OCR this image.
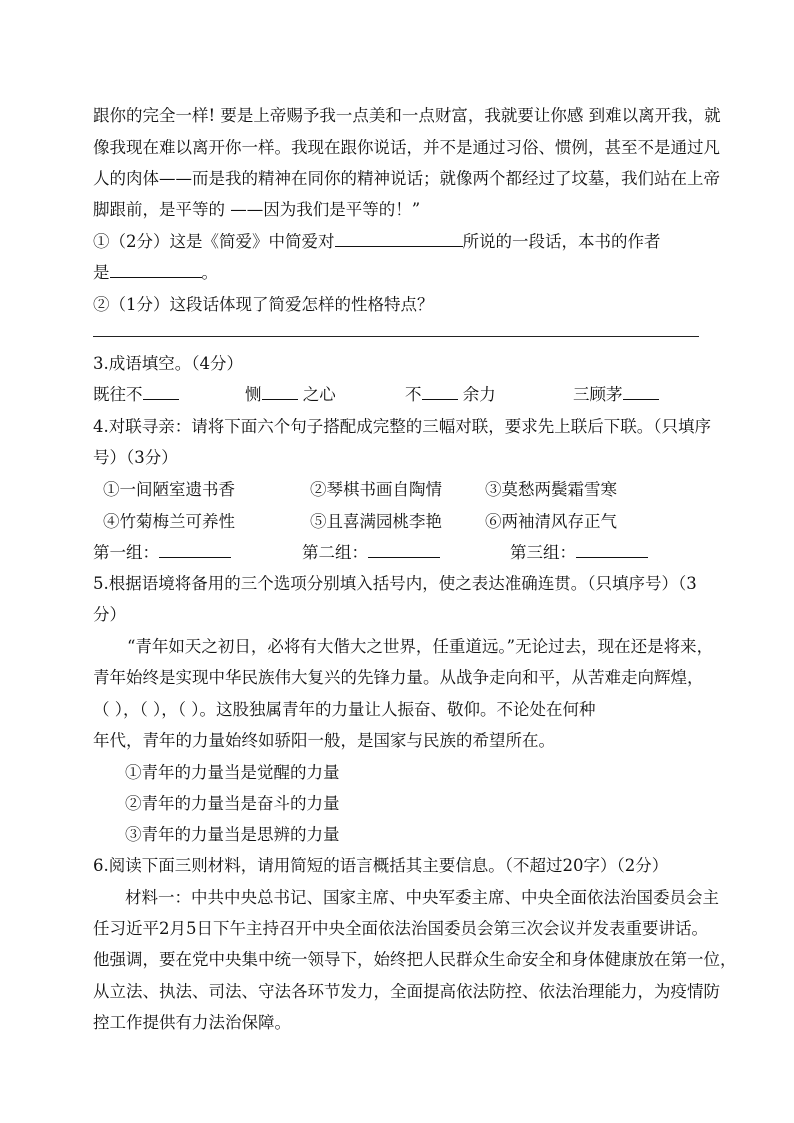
跟你的完全一样! 要是上帝赐予我一点美和一点财富，我就要让你感 到难以离开我，就
像我现在难以离开你一样。我现在跟你说话，并不是通过习俗、惯例，甚至不是通过凡
人的肉体——而是我的精神在同你的精神说话；就像两个都经过了坟墓，我们站在上帝
脚跟前，是平等的 ——因为我们是平等的！”
①（2分）这是《简爱》中简爱对	所说的一段话，本书的作者
是	。
②（1分）这段话体现了简爱怎样的性格特点？
3.成语填空。（4分）
既往不	恻 之心	不 余力	三顾茅
4.对联寻亲：请将下面六个句子搭配成完整的三幅对联，要求先上联后下联。（只填序
号）（3分）
①一间陋室遗书香	②琴棋书画自陶情	③莫愁两鬓霜雪寒
④竹菊梅兰可养性	⑤且喜满园桃李艳	⑥两袖清风存正气
第一组：	第二组：	第三组：
5.根据语境将备用的三个选项分别填入括号内，使之表达准确连贯。（只填序号）（3
分）
“青年如天之初日，必将有大偕大之世界，任重道远。”无论过去，现在还是将来，
青年始终是实现中华民族伟大复兴的先锋力量。从战争走向和平，从苦难走向辉煌，
（ ），（ ），（ ）。这股独属青年的力量让人振奋、敬仰。不论处在何种
年代，青年的力量始终如骄阳一般，是国家与民族的希望所在。
①青年的力量当是觉醒的力量
②青年的力量当是奋斗的力量
③青年的力量当是思辨的力量
6.阅读下面三则材料，请用简短的语言概括其主要信息。（不超过20字）（2分）
材料一：中共中央总书记、国家主席、中央军委主席、中央全面依法治国委员会主
任习近平2月5日下午主持召开中央全面依法治国委员会第三次会议并发表重要讲话。
他强调，要在党中央集中统一领导下，始终把人民群众生命安全和身体健康放在第一位，
从立法、执法、司法、守法各环节发力，全面提高依法防控、依法治理能力，为疫情防
控工作提供有力法治保障。
